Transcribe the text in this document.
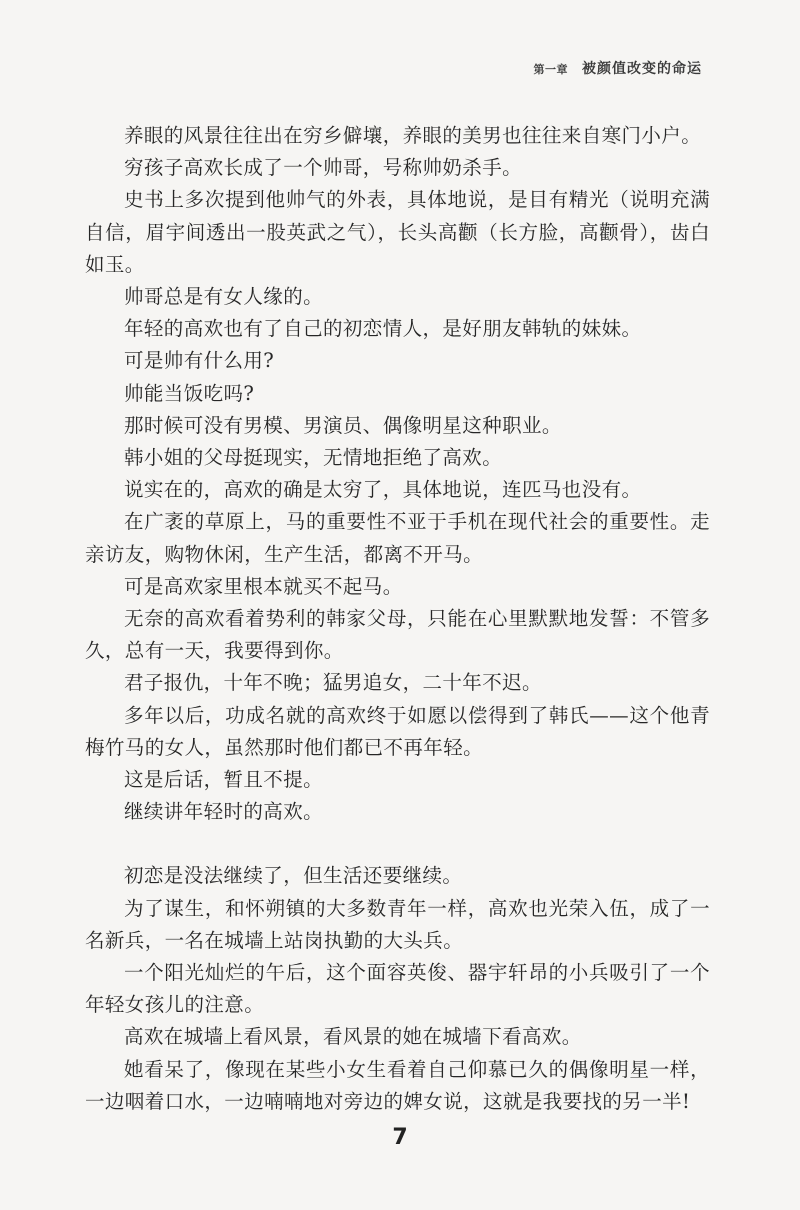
第一章 被颜值改变的命运

养眼的风景往往出在穷乡僻壤，养眼的美男也往往来自寒门小户。

穷孩子高欢长成了一个帅哥，号称帅奶杀手。

史书上多次提到他帅气的外表，具体地说，是目有精光（说明充满自信，眉宇间透出一股英武之气），长头高颧（长方脸，高颧骨），齿白如玉。

帅哥总是有女人缘的。

年轻的高欢也有了自己的初恋情人，是好朋友韩轨的妹妹。

可是帅有什么用?

帅能当饭吃吗?

那时候可没有男模、男演员、偶像明星这种职业。

韩小姐的父母挺现实，无情地拒绝了高欢。

说实在的，高欢的确是太穷了，具体地说，连匹马也没有。

在广袤的草原上，马的重要性不亚于手机在现代社会的重要性。走亲访友，购物休闲，生产生活，都离不开马。

可是高欢家里根本就买不起马。

无奈的高欢看着势利的韩家父母，只能在心里默默地发誓：不管多久，总有一天，我要得到你。

君子报仇，十年不晚；猛男追女，二十年不迟。

多年以后，功成名就的高欢终于如愿以偿得到了韩氏——这个他青梅竹马的女人，虽然那时他们都已不再年轻。

这是后话，暂且不提。

继续讲年轻时的高欢。

初恋是没法继续了，但生活还要继续。

为了谋生，和怀朔镇的大多数青年一样，高欢也光荣入伍，成了一名新兵，一名在城墙上站岗执勤的大头兵。

一个阳光灿烂的午后，这个面容英俊、器宇轩昂的小兵吸引了一个年轻女孩儿的注意。

高欢在城墙上看风景，看风景的她在城墙下看高欢。

她看呆了，像现在某些小女生看着自己仰慕已久的偶像明星一样，一边咽着口水，一边喃喃地对旁边的婢女说，这就是我要找的另一半!

7
